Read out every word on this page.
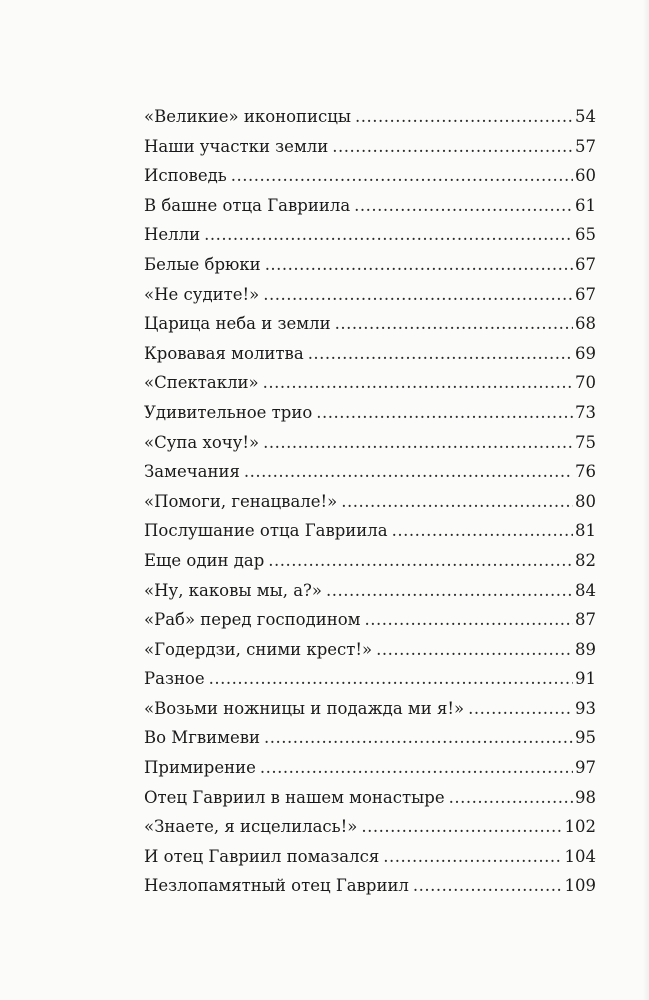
«Великие» иконописцы .....	54
Наши участки земли .....	57
Исповедь .....	60
В башне отца Гавриила .....	61
Нелли .....	65
Белые брюки .....	67
«Не судите!» .....	67
Царица неба и земли .....	68
Кровавая молитва .....	69
«Спектакли» .....	70
Удивительное трио .....	73
«Супа хочу!» .....	75
Замечания .....	76
«Помоги, генацвале!» .....	80
Послушание отца Гавриила .....	81
Еще один дар .....	82
«Ну, каковы мы, а?» .....	84
«Раб» перед господином .....	87
«Годердзи, сними крест!» .....	89
Разное .....	91
«Возьми ножницы и подажда ми я!» .....	93
Во Мгвимеви .....	95
Примирение .....	97
Отец Гавриил в нашем монастыре .....	98
«Знаете, я исцелилась!» .....	102
И отец Гавриил помазался .....	104
Незлопамятный отец Гавриил .....	109
